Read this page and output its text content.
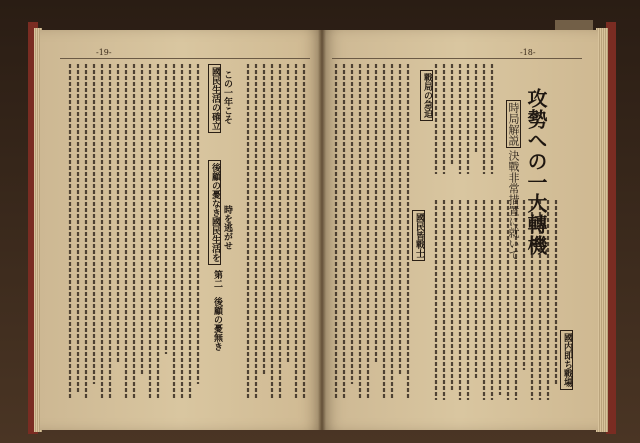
-19-	-18-
この一年こそ
時を逃がせ
國民生活の確立
後顧の憂なき國民生活を
第二　後顧の憂無き
戰局の急迫
國民皆戰士
國内即ち戰場
時局解説 攻勢への一大轉機
決戰非常措置に就いて
